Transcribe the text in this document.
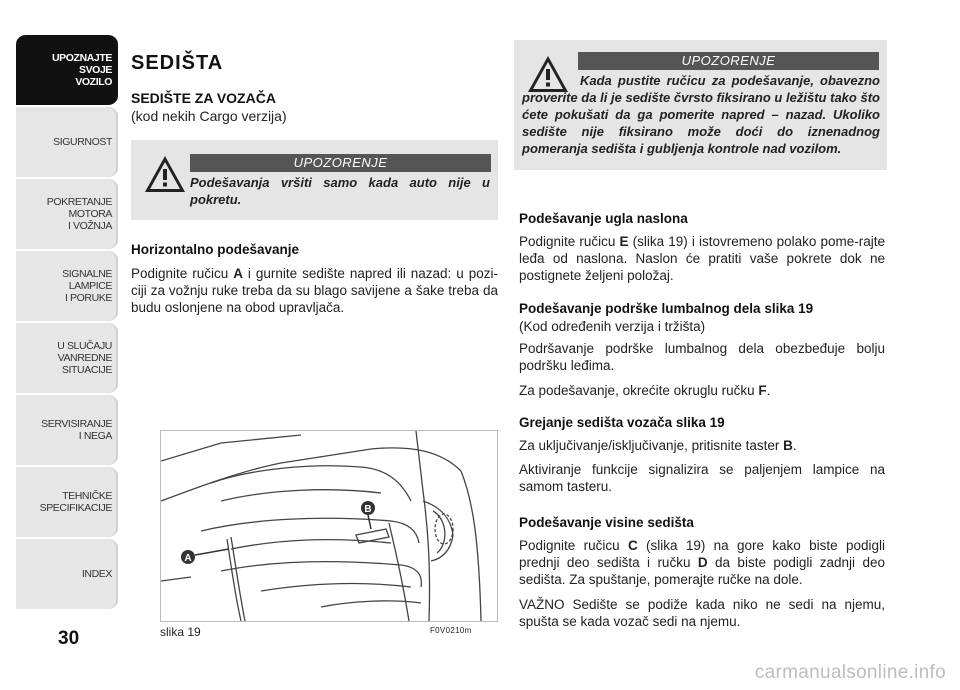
UPOZNAJTE
SVOJE
VOZILO
SIGURNOST
POKRETANJE
MOTORA
I VOŽNJA
SIGNALNE
LAMPICE
I PORUKE
U SLUČAJU
VANREDNE
SITUACIJE
SERVISIRANJE
I NEGA
TEHNIČKE
SPECIFIKACIJE
INDEX
30
SEDIŠTA
SEDIŠTE ZA VOZAČA
(kod nekih Cargo verzija)
UPOZORENJE
Podešavanja vršiti samo kada auto nije u pokretu.
Horizontalno podešavanje
Podignite ručicu A i gurnite sedište napred ili nazad: u pozi-ciji za vožnju ruke treba da su blago savijene a šake treba da budu oslonjene na obod upravljača.
B
A
slika 19	F0V0210m
UPOZORENJE
Kada pustite ručicu za podešavanje, obavezno proverite da li je sedište čvrsto fiksirano u ležištu tako što ćete pokušati da ga pomerite napred – nazad. Ukoliko sedište nije fiksirano može doći do iznenadnog pomeranja sedišta i gubljenja kontrole nad vozilom.
Podešavanje ugla naslona
Podignite ručicu E (slika 19) i istovremeno polako pome-rajte leđa od naslona. Naslon će pratiti vaše pokrete dok ne postignete željeni položaj.
Podešavanje podrške lumbalnog dela slika 19
(Kod određenih verzija i tržišta)
Podršavanje podrške lumbalnog dela obezbeđuje bolju podršku leđima.
Za podešavanje, okrećite okruglu ručku F.
Grejanje sedišta vozača slika 19
Za uključivanje/isključivanje, pritisnite taster B.
Aktiviranje funkcije signalizira se paljenjem lampice na samom tasteru.
Podešavanje visine sedišta
Podignite ručicu C (slika 19) na gore kako biste podigli prednji deo sedišta i ručku D da biste podigli zadnji deo sedišta. Za spuštanje, pomerajte ručke na dole.
VAŽNO Sedište se podiže kada niko ne sedi na njemu, spušta se kada vozač sedi na njemu.
carmanualsonline.info
